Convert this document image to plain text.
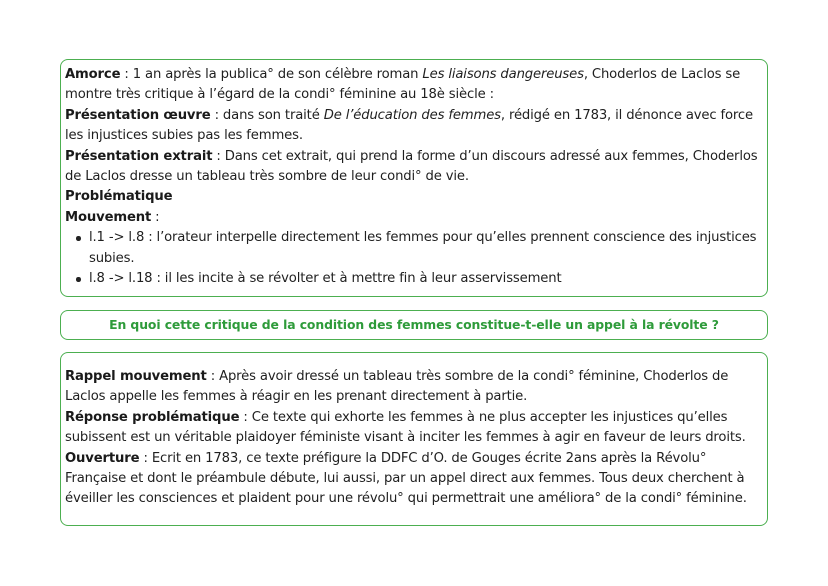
Amorce : 1 an après la publica° de son célèbre roman Les liaisons dangereuses, Choderlos de Laclos se montre très critique à l’égard de la condi° féminine au 18è siècle :

Présentation œuvre : dans son traité De l’éducation des femmes, rédigé en 1783, il dénonce avec force les injustices subies pas les femmes.

Présentation extrait : Dans cet extrait, qui prend la forme d’un discours adressé aux femmes, Choderlos de Laclos dresse un tableau très sombre de leur condi° de vie.

Problématique

Mouvement :

l.1 -> l.8 : l’orateur interpelle directement les femmes pour qu’elles prennent conscience des injustices subies.
l.8 -> l.18 : il les incite à se révolter et à mettre fin à leur asservissement
En quoi cette critique de la condition des femmes constitue-t-elle un appel à la révolte ?

Rappel mouvement : Après avoir dressé un tableau très sombre de la condi° féminine, Choderlos de Laclos appelle les femmes à réagir en les prenant directement à partie.

Réponse problématique : Ce texte qui exhorte les femmes à ne plus accepter les injustices qu’elles subissent est un véritable plaidoyer féministe visant à inciter les femmes à agir en faveur de leurs droits.

Ouverture : Ecrit en 1783, ce texte préfigure la DDFC d’O. de Gouges écrite 2ans après la Révolu° Française et dont le préambule débute, lui aussi, par un appel direct aux femmes. Tous deux cherchent à éveiller les consciences et plaident pour une révolu° qui permettrait une améliora° de la condi° féminine.
